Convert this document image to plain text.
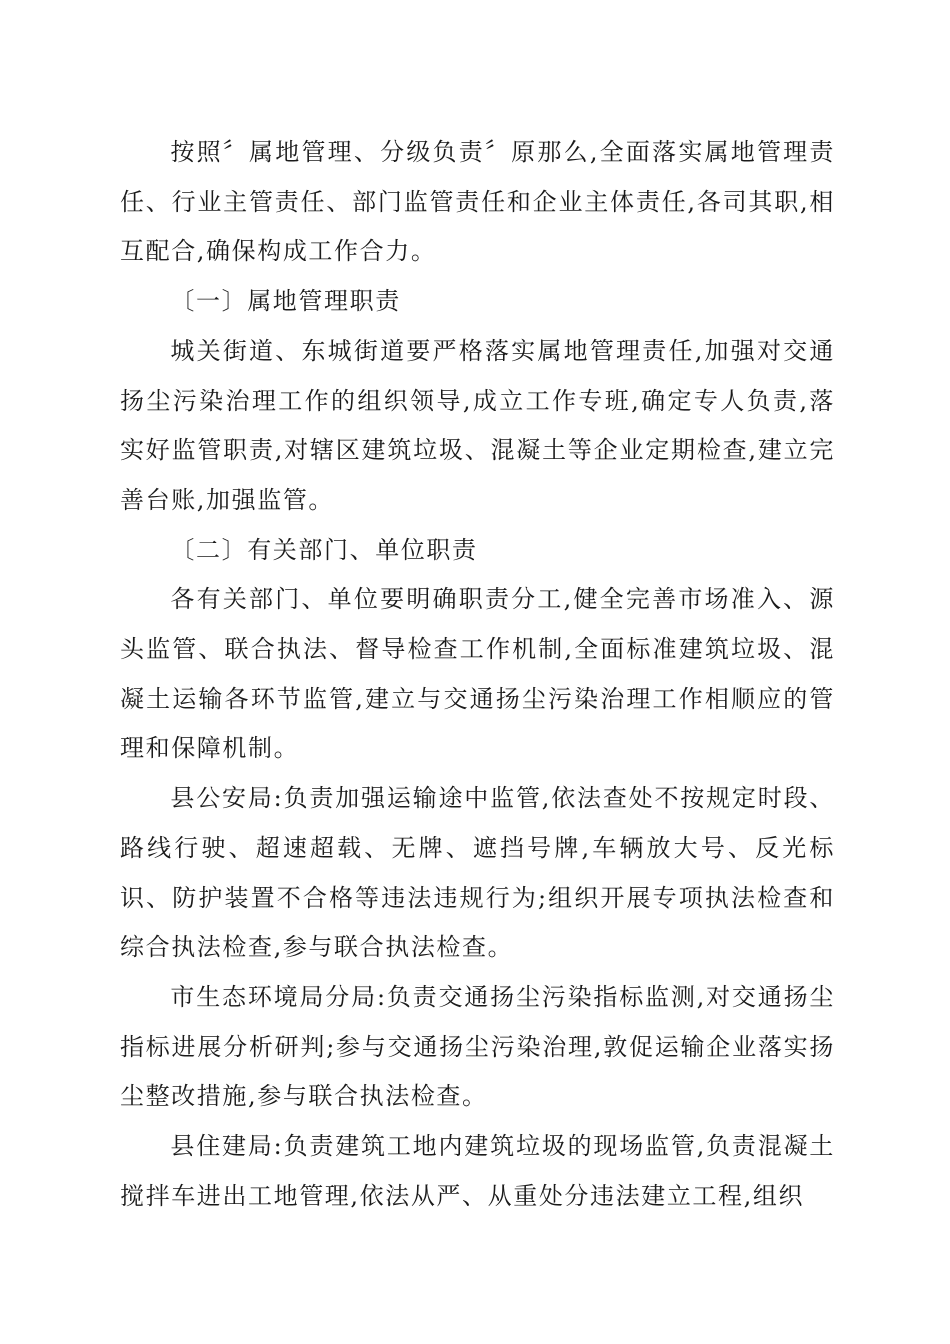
按照〞属地管理、分级负责〞原那么,全面落实属地管理责任、行业主管责任、部门监管责任和企业主体责任,各司其职,相互配合,确保构成工作合力。

〔一〕属地管理职责

城关街道、东城街道要严格落实属地管理责任,加强对交通扬尘污染治理工作的组织领导,成立工作专班,确定专人负责,落实好监管职责,对辖区建筑垃圾、混凝土等企业定期检查,建立完善台账,加强监管。

〔二〕有关部门、单位职责

各有关部门、单位要明确职责分工,健全完善市场准入、源头监管、联合执法、督导检查工作机制,全面标准建筑垃圾、混凝土运输各环节监管,建立与交通扬尘污染治理工作相顺应的管理和保障机制。

县公安局:负责加强运输途中监管,依法查处不按规定时段、路线行驶、超速超载、无牌、遮挡号牌,车辆放大号、反光标识、防护装置不合格等违法违规行为;组织开展专项执法检查和综合执法检查,参与联合执法检查。

市生态环境局分局:负责交通扬尘污染指标监测,对交通扬尘指标进展分析研判;参与交通扬尘污染治理,敦促运输企业落实扬尘整改措施,参与联合执法检查。

县住建局:负责建筑工地内建筑垃圾的现场监管,负责混凝土搅拌车进出工地管理,依法从严、从重处分违法建立工程,组织
